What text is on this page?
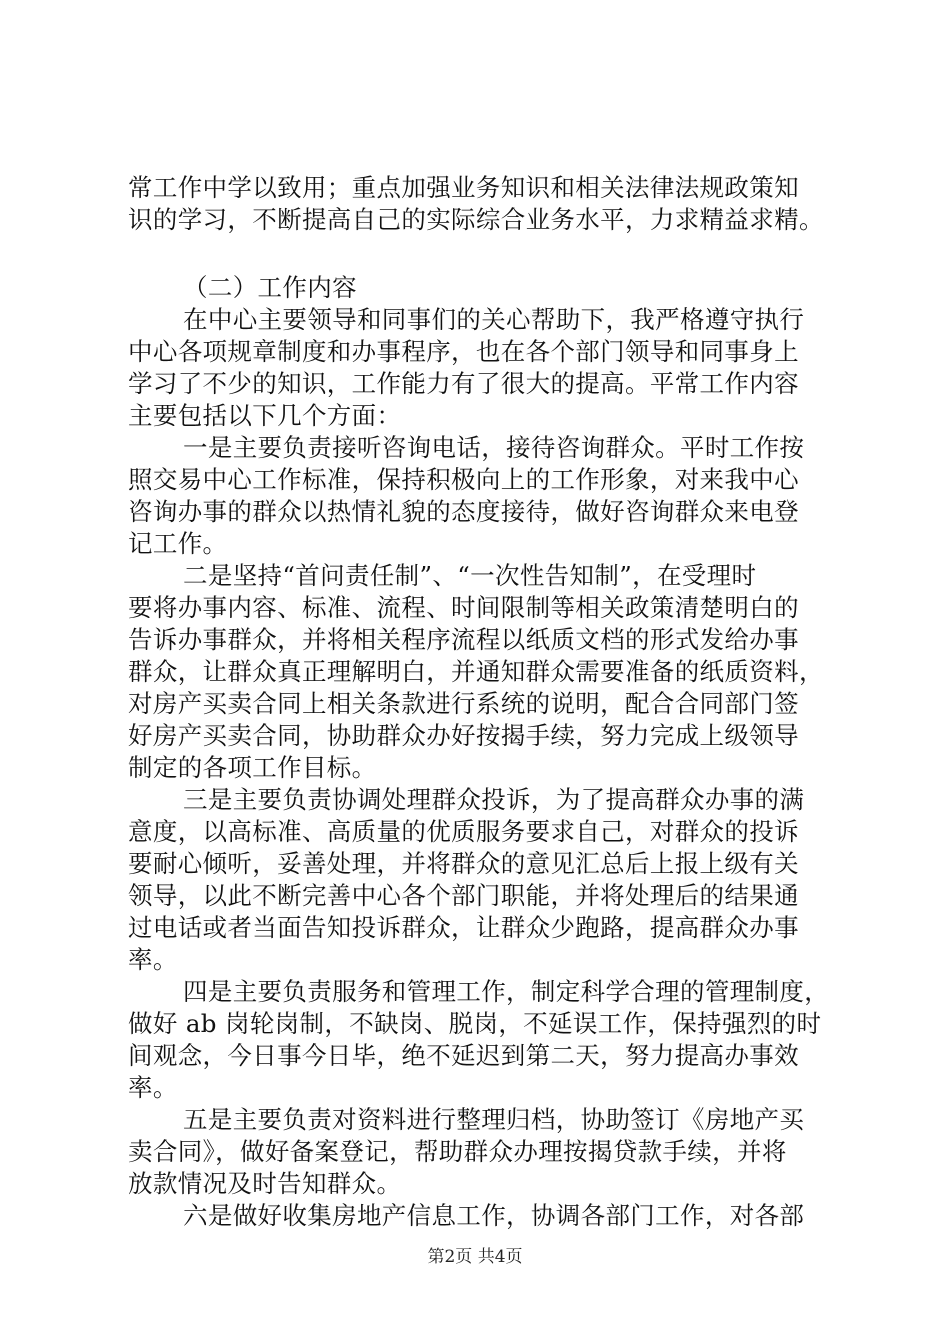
常工作中学以致用；重点加强业务知识和相关法律法规政策知
识的学习，不断提高自己的实际综合业务水平，力求精益求精。
（二）工作内容
在中心主要领导和同事们的关心帮助下，我严格遵守执行
中心各项规章制度和办事程序，也在各个部门领导和同事身上
学习了不少的知识，工作能力有了很大的提高。平常工作内容
主要包括以下几个方面：
一是主要负责接听咨询电话，接待咨询群众。平时工作按
照交易中心工作标准，保持积极向上的工作形象，对来我中心
咨询办事的群众以热情礼貌的态度接待，做好咨询群众来电登
记工作。
二是坚持“首问责任制”、“一次性告知制”，在受理时
要将办事内容、标准、流程、时间限制等相关政策清楚明白的
告诉办事群众，并将相关程序流程以纸质文档的形式发给办事
群众，让群众真正理解明白，并通知群众需要准备的纸质资料，
对房产买卖合同上相关条款进行系统的说明，配合合同部门签
好房产买卖合同，协助群众办好按揭手续，努力完成上级领导
制定的各项工作目标。
三是主要负责协调处理群众投诉，为了提高群众办事的满
意度，以高标准、高质量的优质服务要求自己，对群众的投诉
要耐心倾听，妥善处理，并将群众的意见汇总后上报上级有关
领导，以此不断完善中心各个部门职能，并将处理后的结果通
过电话或者当面告知投诉群众，让群众少跑路，提高群众办事
率。
四是主要负责服务和管理工作，制定科学合理的管理制度，
做好 ab 岗轮岗制，不缺岗、脱岗，不延误工作，保持强烈的时
间观念，今日事今日毕，绝不延迟到第二天，努力提高办事效
率。
五是主要负责对资料进行整理归档，协助签订《房地产买
卖合同》，做好备案登记，帮助群众办理按揭贷款手续，并将
放款情况及时告知群众。
六是做好收集房地产信息工作，协调各部门工作，对各部
第2页 共4页
